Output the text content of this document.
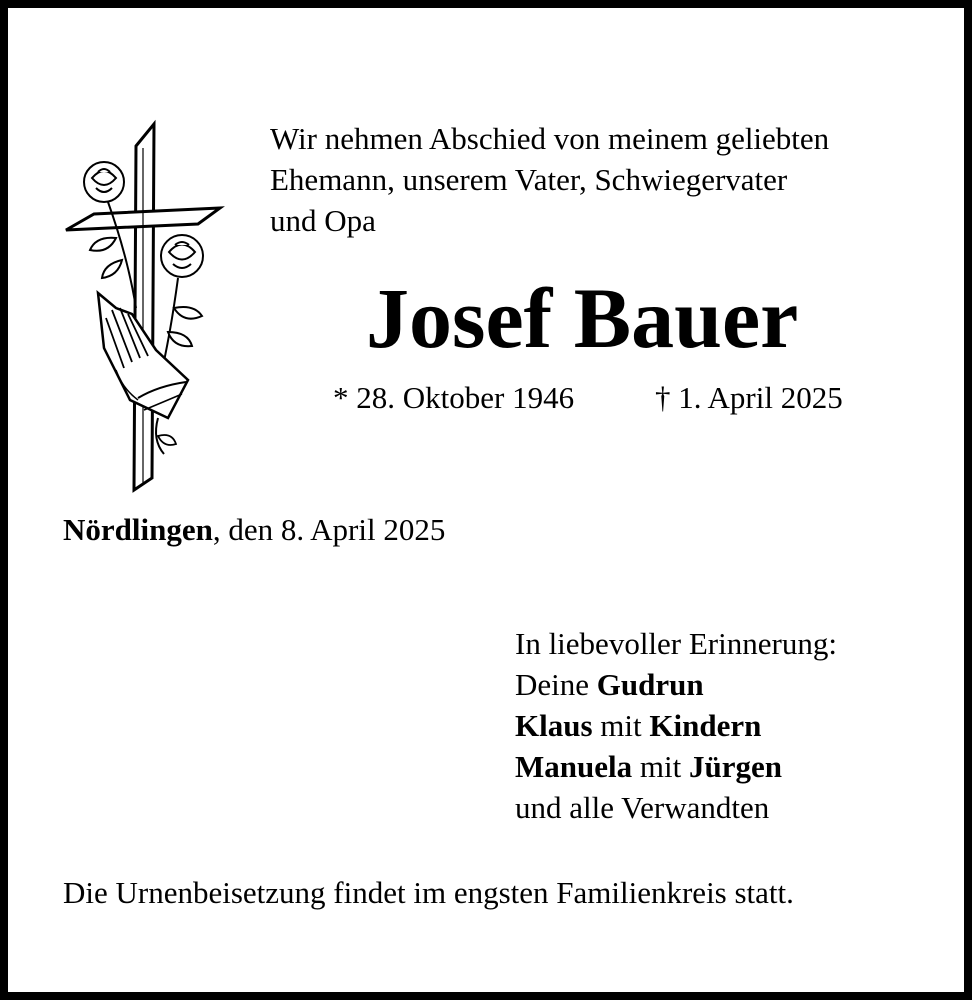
Wir nehmen Abschied von meinem geliebten
Ehemann, unserem Vater, Schwiegervater
und Opa
Josef Bauer
* 28. Oktober 1946	† 1. April 2025
Nördlingen, den 8. April 2025
In liebevoller Erinnerung:
Deine Gudrun
Klaus mit Kindern
Manuela mit Jürgen
und alle Verwandten
Die Urnenbeisetzung findet im engsten Familienkreis statt.
